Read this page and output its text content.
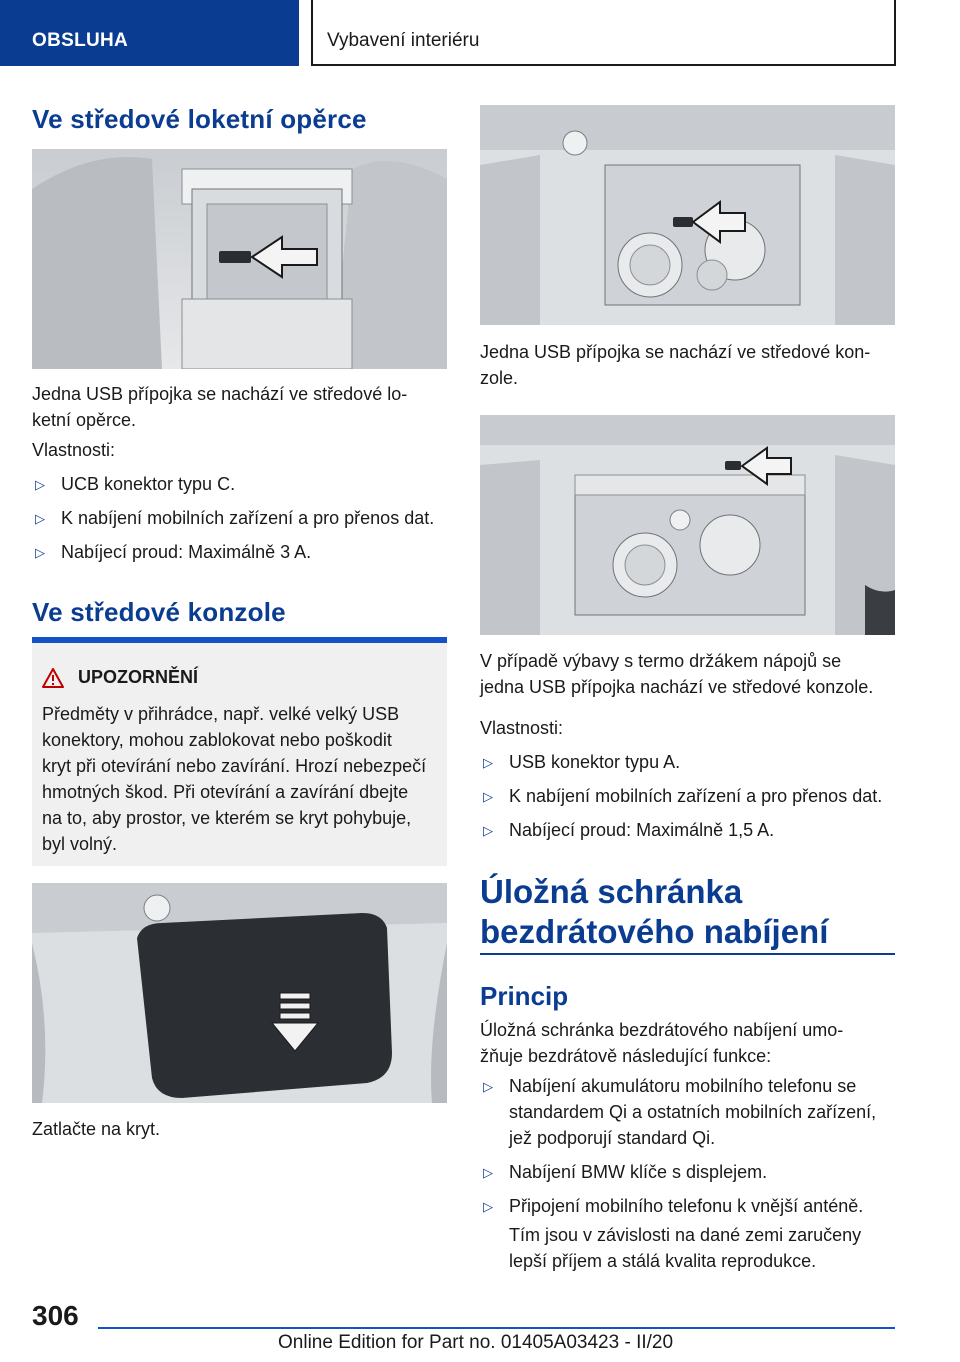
OBSLUHA	Vybavení interiéru
Ve středové loketní opěrce
Jedna USB přípojka se nachází ve středové lo‐
ketní opěrce.
Vlastnosti:
▷ UCB konektor typu C.
▷ K nabíjení mobilních zařízení a pro přenos dat.
▷ Nabíjecí proud: Maximálně 3 A.
Ve středové konzole
UPOZORNĚNÍ
Předměty v přihrádce, např. velké velký USB
konektory, mohou zablokovat nebo poškodit
kryt při otevírání nebo zavírání. Hrozí nebezpečí
hmotných škod. Při otevírání a zavírání dbejte
na to, aby prostor, ve kterém se kryt pohybuje,
byl volný.
Zatlačte na kryt.
Jedna USB přípojka se nachází ve středové kon‐
zole.
V případě výbavy s termo držákem nápojů se
jedna USB přípojka nachází ve středové konzole.
Vlastnosti:
▷ USB konektor typu A.
▷ K nabíjení mobilních zařízení a pro přenos dat.
▷ Nabíjecí proud: Maximálně 1,5 A.
Úložná schránka
bezdrátového nabíjení
Princip
Úložná schránka bezdrátového nabíjení umo‐
žňuje bezdrátově následující funkce:
▷ Nabíjení akumulátoru mobilního telefonu se
standardem Qi a ostatních mobilních zařízení,
jež podporují standard Qi.
▷ Nabíjení BMW klíče s displejem.
▷ Připojení mobilního telefonu k vnější anténě.
Tím jsou v závislosti na dané zemi zaručeny
lepší příjem a stálá kvalita reprodukce.
306
Online Edition for Part no. 01405A03423 - II/20
